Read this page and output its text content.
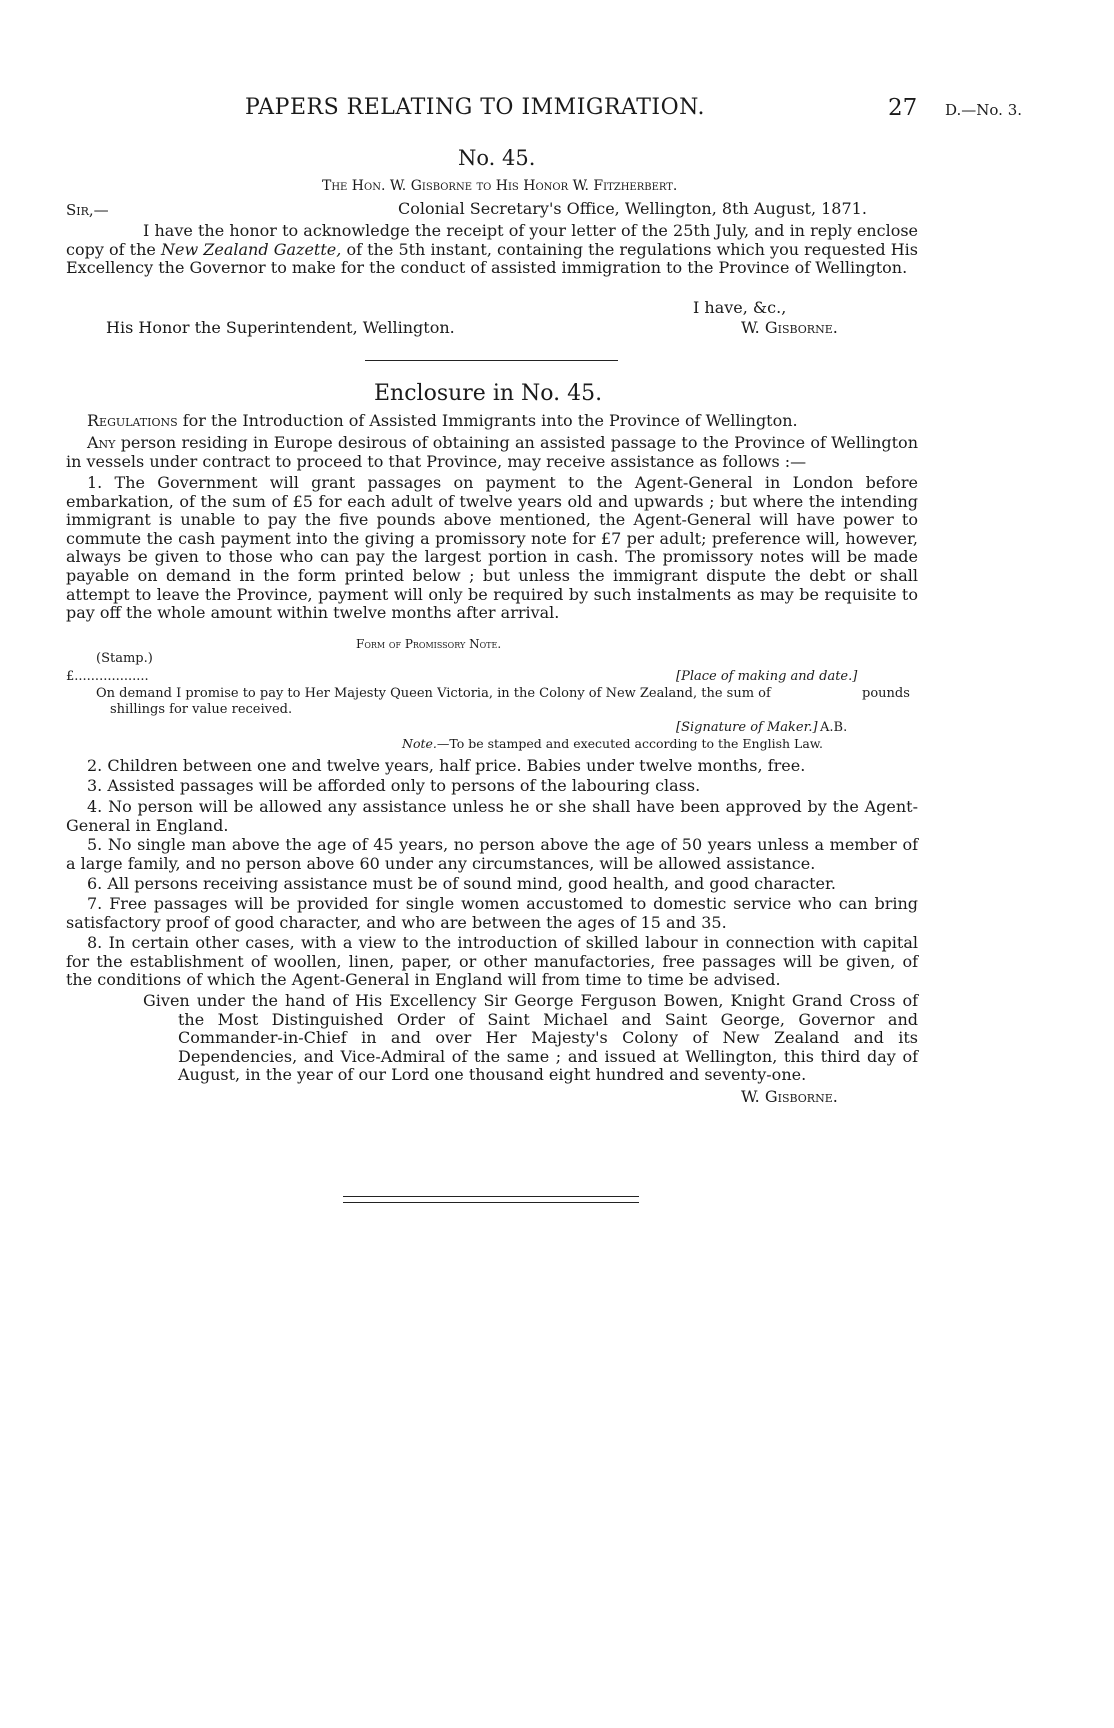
PAPERS RELATING TO IMMIGRATION.	27 D.—No. 3.
No. 45.
The Hon. W. Gisborne to His Honor W. Fitzherbert.
Sir,—	Colonial Secretary's Office, Wellington, 8th August, 1871.

I have the honor to acknowledge the receipt of your letter of the 25th July, and in reply enclose copy of the New Zealand Gazette, of the 5th instant, containing the regulations which you requested His Excellency the Governor to make for the conduct of assisted immigration to the Province of Wellington.

I have, &c.,
His Honor the Superintendent, Wellington.	W. Gisborne.
Enclosure in No. 45.
Regulations for the Introduction of Assisted Immigrants into the Province of Wellington.

Any person residing in Europe desirous of obtaining an assisted passage to the Province of Wellington in vessels under contract to proceed to that Province, may receive assistance as follows :—

1. The Government will grant passages on payment to the Agent-General in London before embarkation, of the sum of £5 for each adult of twelve years old and upwards ; but where the intending immigrant is unable to pay the five pounds above mentioned, the Agent-General will have power to commute the cash payment into the giving a promissory note for £7 per adult; preference will, however, always be given to those who can pay the largest portion in cash. The promissory notes will be made payable on demand in the form printed below ; but unless the immigrant dispute the debt or shall attempt to leave the Province, payment will only be required by such instalments as may be requisite to pay off the whole amount within twelve months after arrival.

Form of Promissory Note.
(Stamp.)
£..................	[Place of making and date.]
On demand I promise to pay to Her Majesty Queen Victoria, in the Colony of New Zealand, the sum of	pounds
shillings for value received.
[Signature of Maker.] A.B.
Note.—To be stamped and executed according to the English Law.

2. Children between one and twelve years, half price. Babies under twelve months, free.

3. Assisted passages will be afforded only to persons of the labouring class.

4. No person will be allowed any assistance unless he or she shall have been approved by the Agent-General in England.

5. No single man above the age of 45 years, no person above the age of 50 years unless a member of a large family, and no person above 60 under any circumstances, will be allowed assistance.

6. All persons receiving assistance must be of sound mind, good health, and good character.

7. Free passages will be provided for single women accustomed to domestic service who can bring satisfactory proof of good character, and who are between the ages of 15 and 35.

8. In certain other cases, with a view to the introduction of skilled labour in connection with capital for the establishment of woollen, linen, paper, or other manufactories, free passages will be given, of the conditions of which the Agent-General in England will from time to time be advised.

Given under the hand of His Excellency Sir George Ferguson Bowen, Knight Grand Cross of the Most Distinguished Order of Saint Michael and Saint George, Governor and Commander-in-Chief in and over Her Majesty's Colony of New Zealand and its Dependencies, and Vice-Admiral of the same ; and issued at Wellington, this third day of August, in the year of our Lord one thousand eight hundred and seventy-one.

W. Gisborne.
